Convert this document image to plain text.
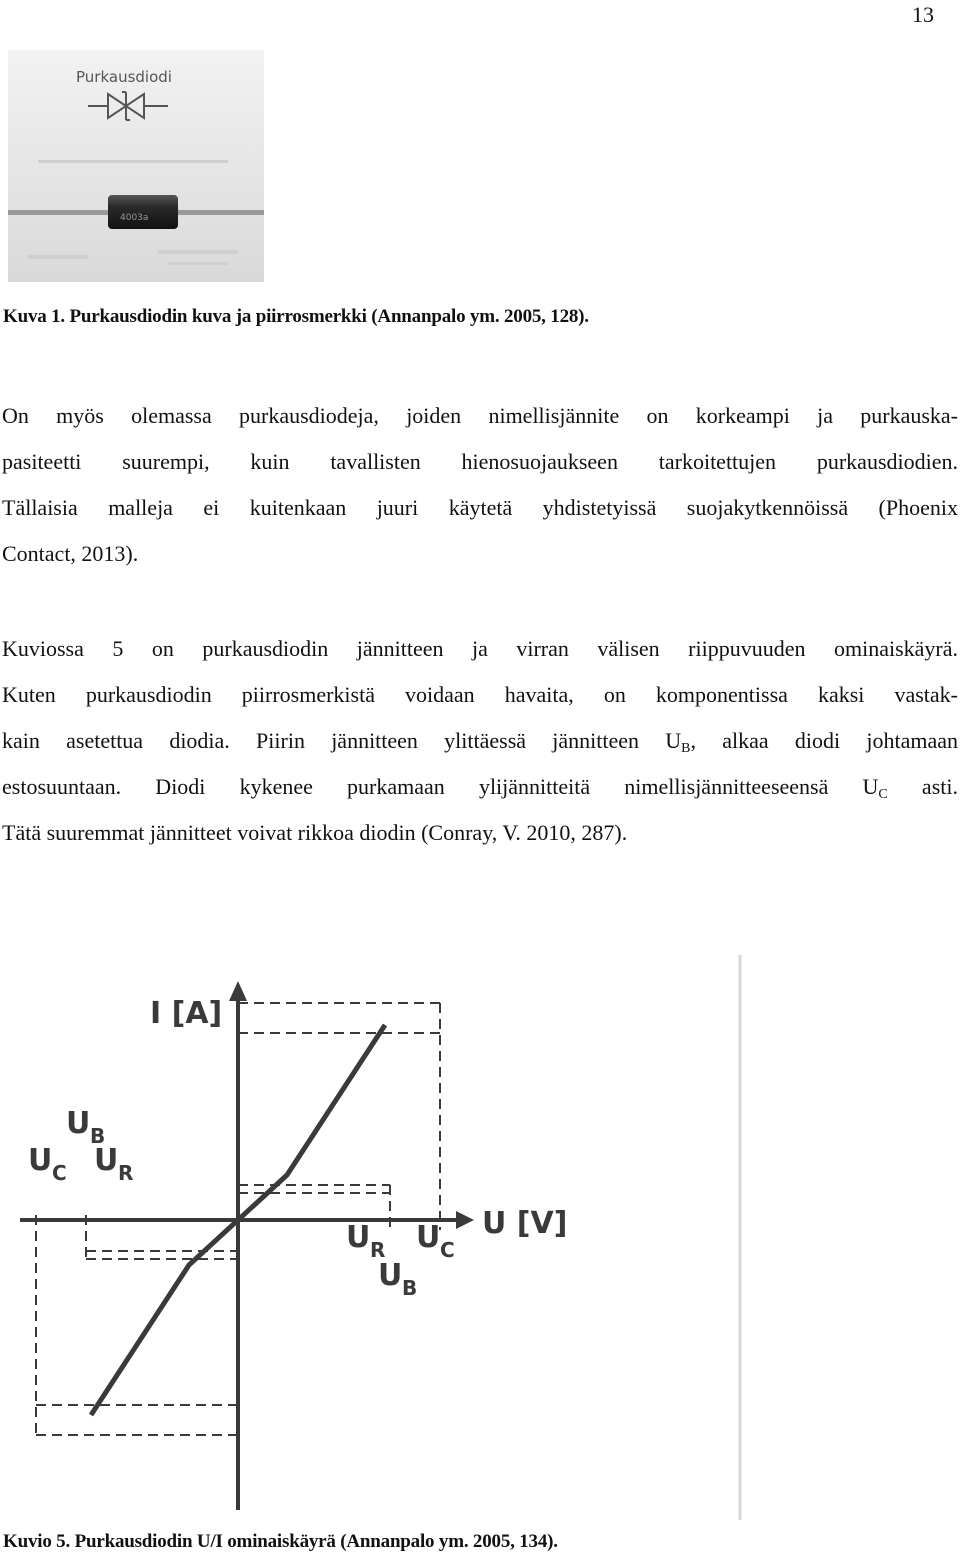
13
Purkausdiodi
4003a
Kuva 1. Purkausdiodin kuva ja piirrosmerkki (Annanpalo ym. 2005, 128).
On myös olemassa purkausdiodeja, joiden nimellisjännite on korkeampi ja purkauska-
pasiteetti suurempi, kuin tavallisten hienosuojaukseen tarkoitettujen purkausdiodien.
Tällaisia malleja ei kuitenkaan juuri käytetä yhdistetyissä suojakytkennöissä (Phoenix
Contact, 2013).
Kuviossa 5 on purkausdiodin jännitteen ja virran välisen riippuvuuden ominaiskäyrä.
Kuten purkausdiodin piirrosmerkistä voidaan havaita, on komponentissa kaksi vastak-
kain asetettua diodia. Piirin jännitteen ylittäessä jännitteen $U_B$, alkaa diodi johtamaan
estosuuntaan. Diodi kykenee purkamaan ylijännitteitä nimellisjännitteeseensä $U_C$ asti.
Tätä suuremmat jännitteet voivat rikkoa diodin (Conray, V. 2010, 287).
U [V]
I [A]
U B
U C U R
U R U C
U B
Kuvio 5. Purkausdiodin U/I ominaiskäyrä (Annanpalo ym. 2005, 134).
